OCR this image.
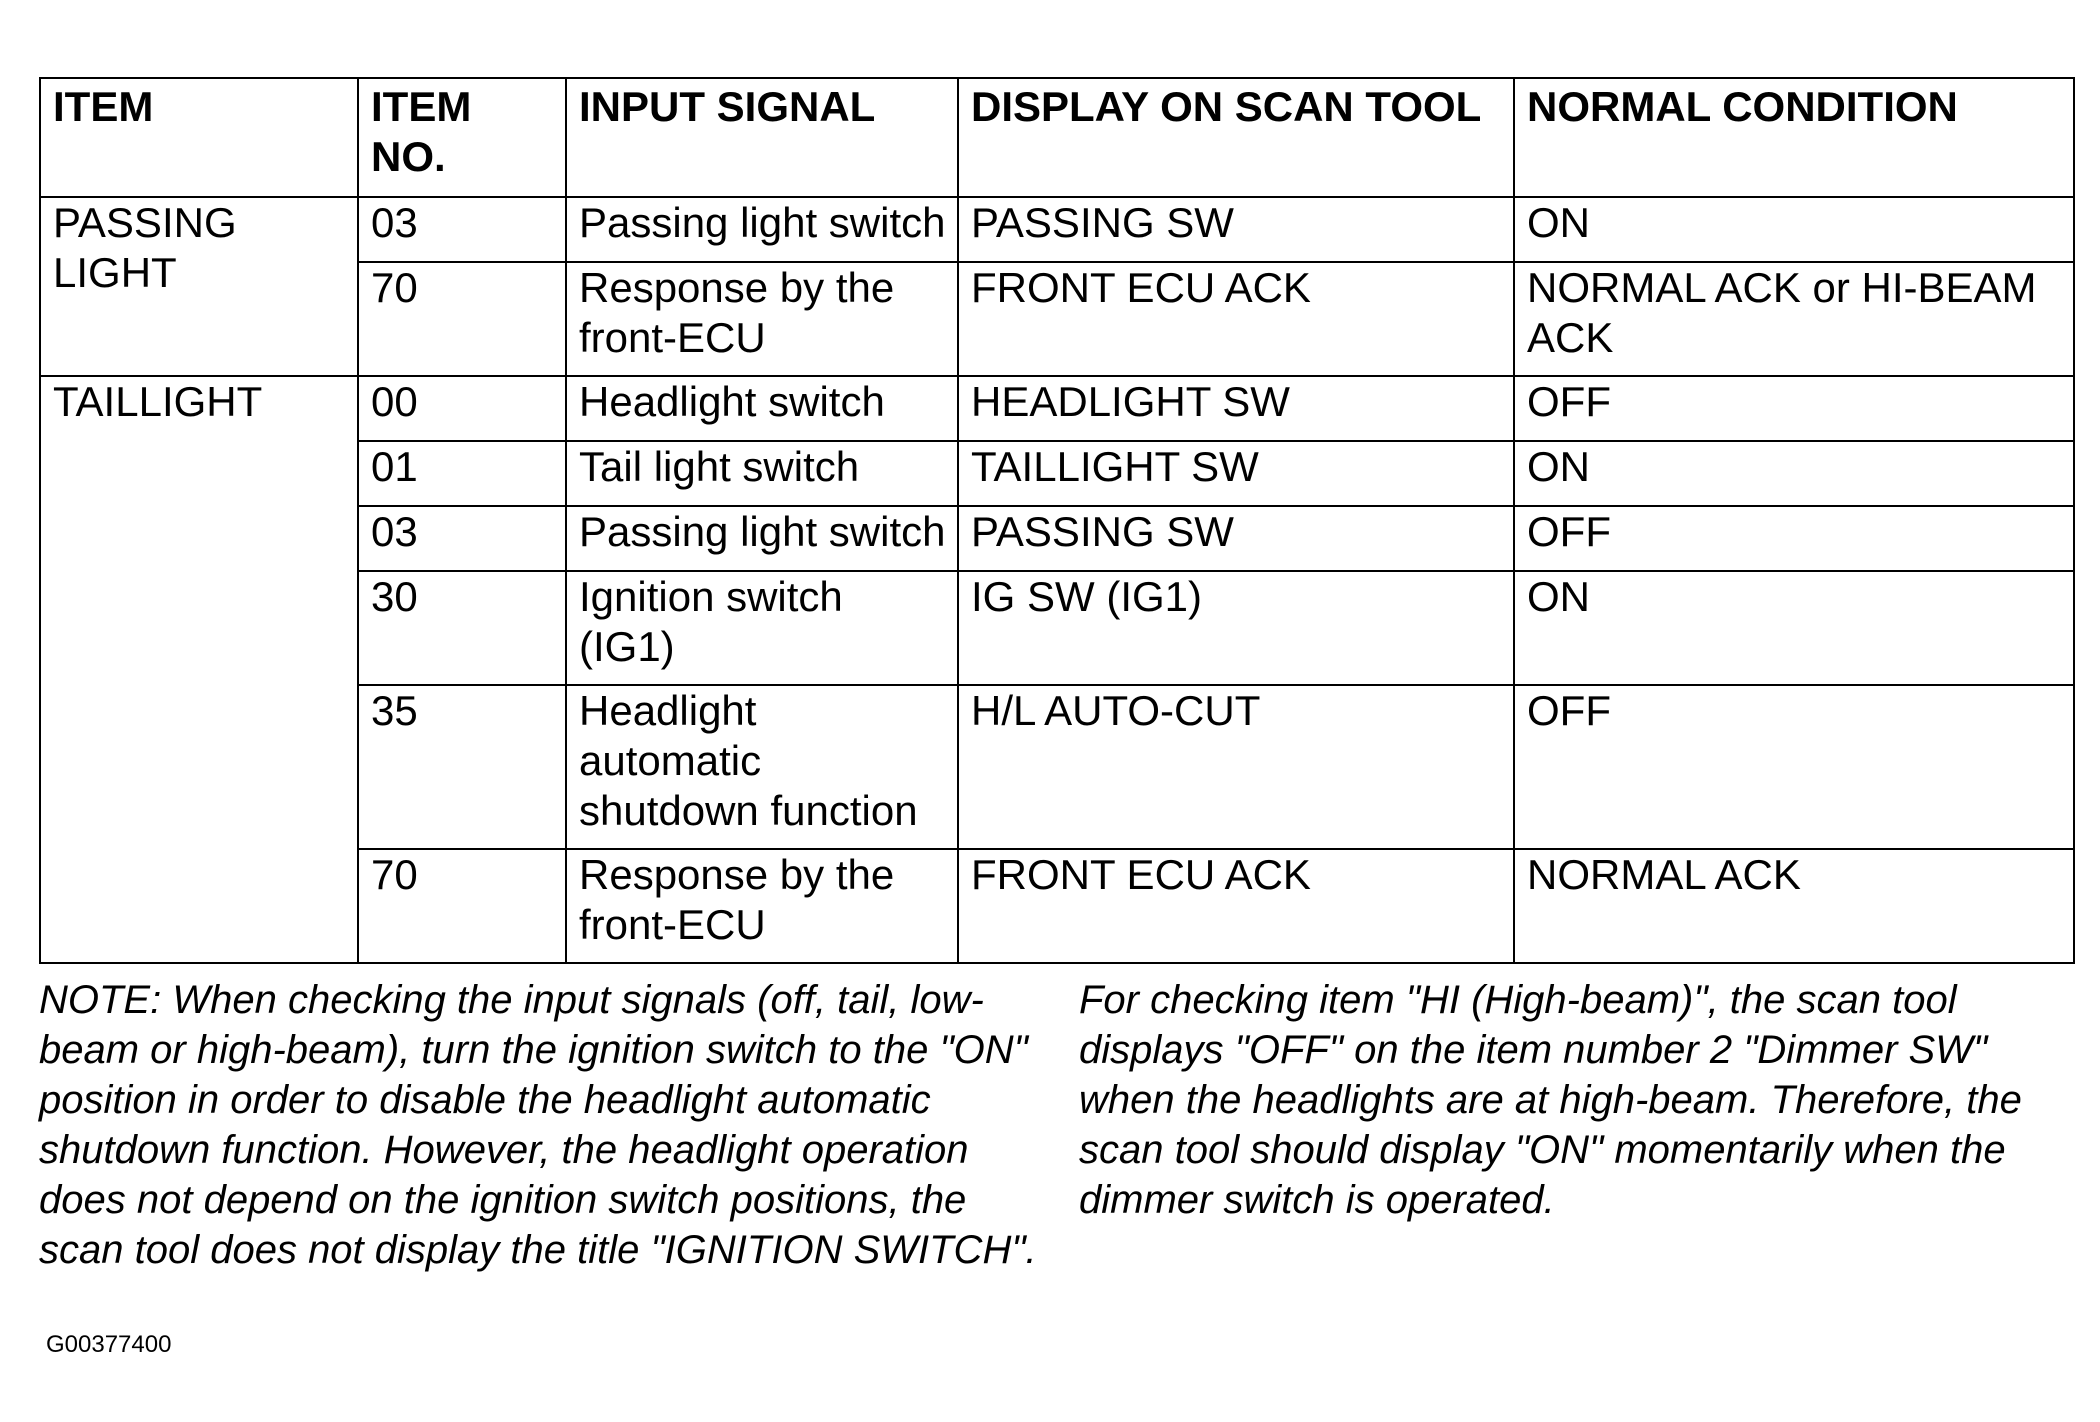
ITEM	ITEM NO.	INPUT SIGNAL	DISPLAY ON SCAN TOOL	NORMAL CONDITION
PASSING LIGHT	03	Passing light switch	PASSING SW	ON
	70	Response by the front-ECU	FRONT ECU ACK	NORMAL ACK or HI-BEAM ACK
TAILLIGHT	00	Headlight switch	HEADLIGHT SW	OFF
	01	Tail light switch	TAILLIGHT SW	ON
	03	Passing light switch	PASSING SW	OFF
	30	Ignition switch (IG1)	IG SW (IG1)	ON
	35	Headlight automatic shutdown function	H/L AUTO-CUT	OFF
	70	Response by the front-ECU	FRONT ECU ACK	NORMAL ACK

NOTE: When checking the input signals (off, tail, low-beam or high-beam), turn the ignition switch to the "ON" position in order to disable the headlight automatic shutdown function. However, the headlight operation does not depend on the ignition switch positions, the scan tool does not display the title "IGNITION SWITCH".

For checking item "HI (High-beam)", the scan tool displays "OFF" on the item number 2 "Dimmer SW" when the headlights are at high-beam. Therefore, the scan tool should display "ON" momentarily when the dimmer switch is operated.

G00377400
